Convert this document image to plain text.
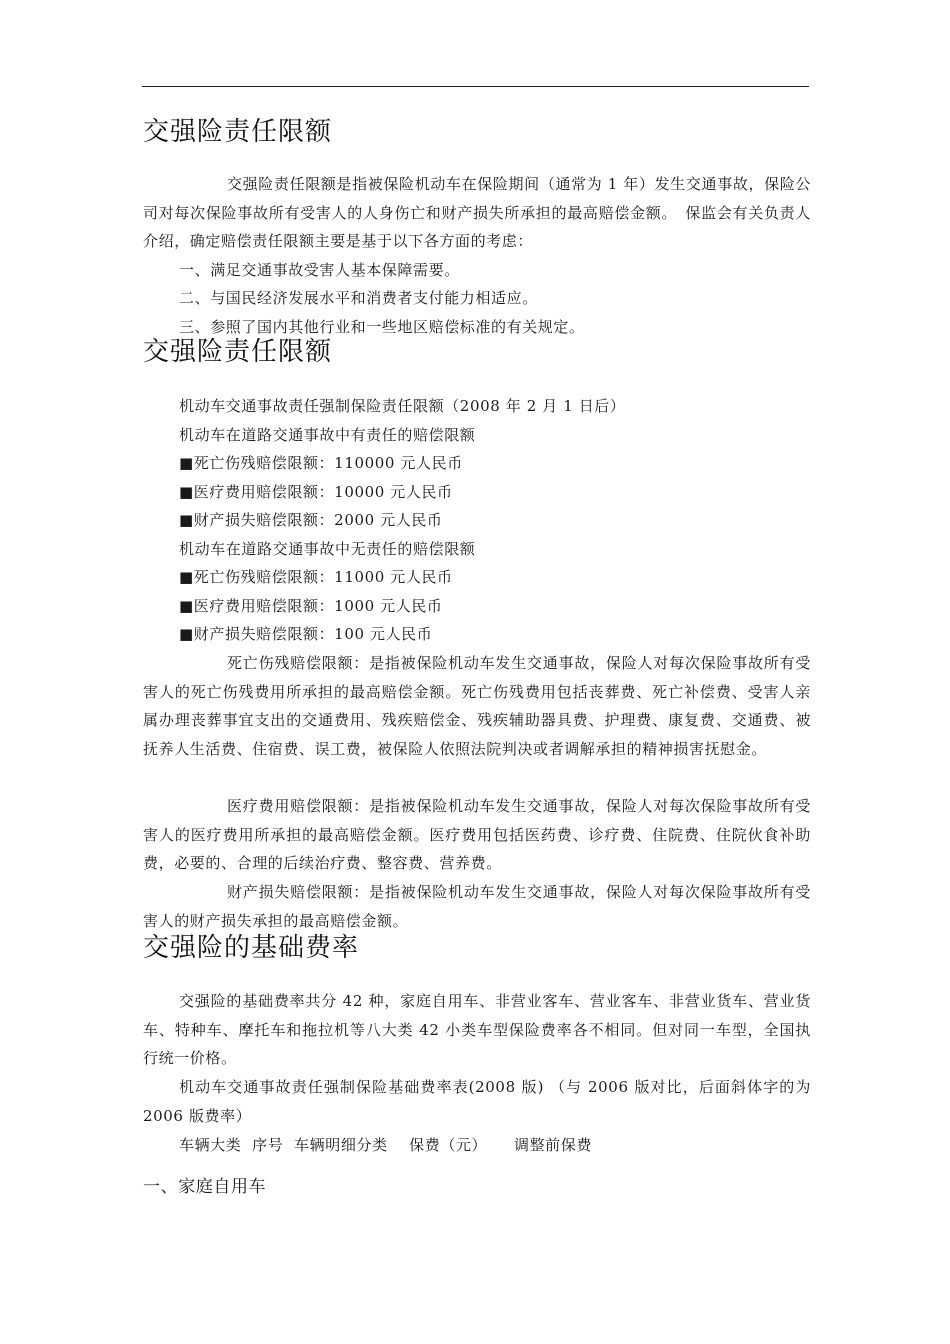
交强险责任限额
交强险责任限额是指被保险机动车在保险期间（通常为 1 年）发生交通事故，保险公司对每次保险事故所有受害人的人身伤亡和财产损失所承担的最高赔偿金额。　保监会有关负责人介绍，确定赔偿责任限额主要是基于以下各方面的考虑：
一、满足交通事故受害人基本保障需要。
二、与国民经济发展水平和消费者支付能力相适应。
三、参照了国内其他行业和一些地区赔偿标准的有关规定。
交强险责任限额
机动车交通事故责任强制保险责任限额（2008 年 2 月 1 日后）
机动车在道路交通事故中有责任的赔偿限额
■死亡伤残赔偿限额：110000 元人民币
■医疗费用赔偿限额：10000 元人民币
■财产损失赔偿限额：2000 元人民币
机动车在道路交通事故中无责任的赔偿限额
■死亡伤残赔偿限额：11000 元人民币
■医疗费用赔偿限额：1000 元人民币
■财产损失赔偿限额：100 元人民币
死亡伤残赔偿限额：是指被保险机动车发生交通事故，保险人对每次保险事故所有受害人的死亡伤残费用所承担的最高赔偿金额。死亡伤残费用包括丧葬费、死亡补偿费、受害人亲属办理丧葬事宜支出的交通费用、残疾赔偿金、残疾辅助器具费、护理费、康复费、交通费、被抚养人生活费、住宿费、误工费，被保险人依照法院判决或者调解承担的精神损害抚慰金。
医疗费用赔偿限额：是指被保险机动车发生交通事故，保险人对每次保险事故所有受害人的医疗费用所承担的最高赔偿金额。医疗费用包括医药费、诊疗费、住院费、住院伙食补助费，必要的、合理的后续治疗费、整容费、营养费。
财产损失赔偿限额：是指被保险机动车发生交通事故，保险人对每次保险事故所有受害人的财产损失承担的最高赔偿金额。
交强险的基础费率
交强险的基础费率共分 42 种，家庭自用车、非营业客车、营业客车、非营业货车、营业货车、特种车、摩托车和拖拉机等八大类 42 小类车型保险费率各不相同。但对同一车型，全国执行统一价格。
机动车交通事故责任强制保险基础费率表(2008 版) （与 2006 版对比，后面斜体字的为 2006 版费率）
车辆大类  序号  车辆明细分类    保费（元）     调整前保费
一、家庭自用车
